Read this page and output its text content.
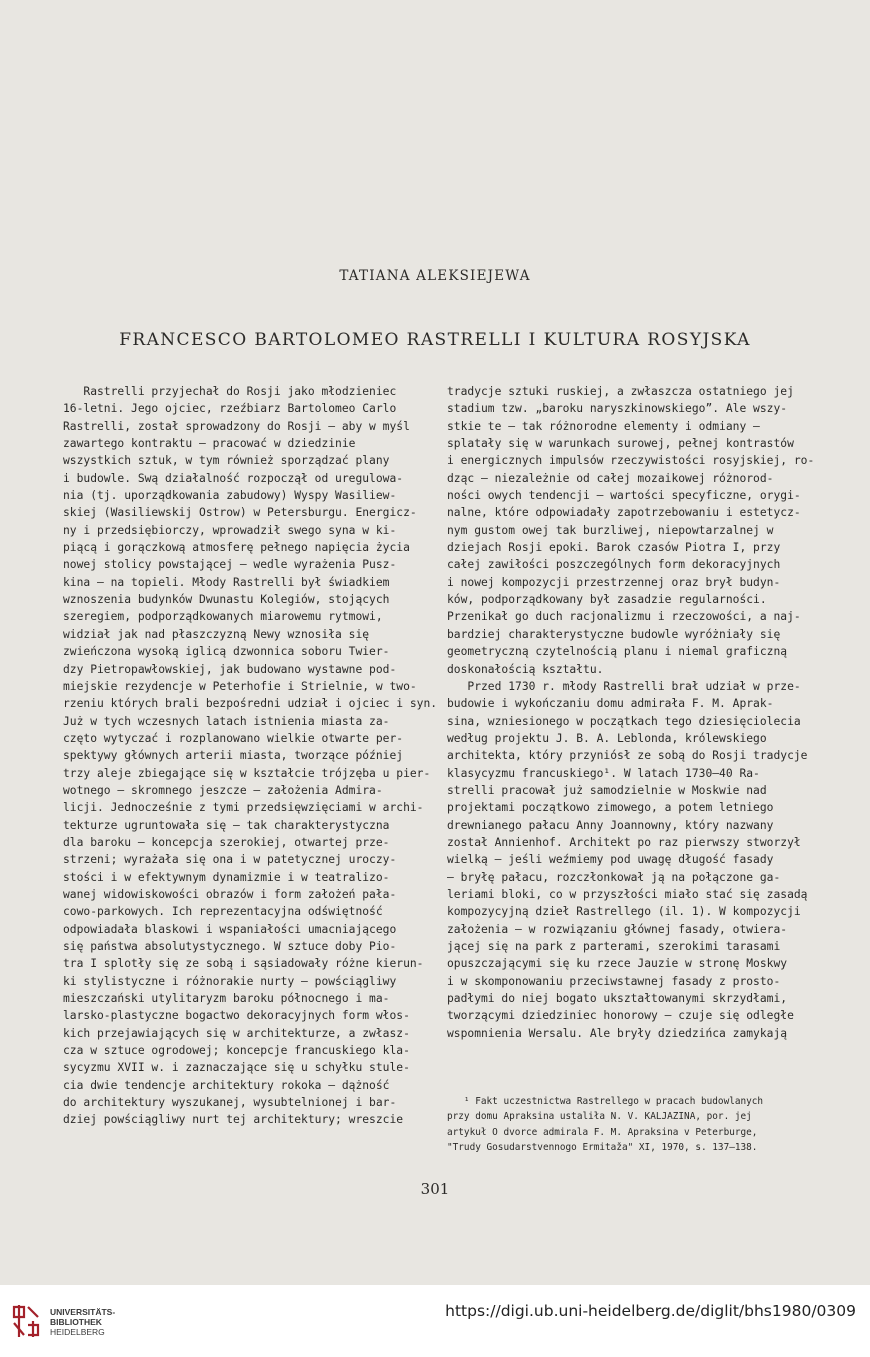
TATIANA ALEKSIEJEWA
FRANCESCO BARTOLOMEO RASTRELLI I KULTURA ROSYJSKA
Rastrelli przyjechał do Rosji jako młodzieniec
16-letni. Jego ojciec, rzeźbiarz Bartolomeo Carlo
Rastrelli, został sprowadzony do Rosji — aby w myśl
zawartego kontraktu — pracować w dziedzinie
wszystkich sztuk, w tym również sporządzać plany
i budowle. Swą działalność rozpoczął od uregulowa-
nia (tj. uporządkowania zabudowy) Wyspy Wasiliew-
skiej (Wasiliewskij Ostrow) w Petersburgu. Energicz-
ny i przedsiębiorczy, wprowadził swego syna w ki-
piącą i gorączkową atmosferę pełnego napięcia życia
nowej stolicy powstającej — wedle wyrażenia Pusz-
kina — na topieli. Młody Rastrelli był świadkiem
wznoszenia budynków Dwunastu Kolegiów, stojących
szeregiem, podporządkowanych miarowemu rytmowi,
widział jak nad płaszczyzną Newy wznosiła się
zwieńczona wysoką iglicą dzwonnica soboru Twier-
dzy Pietropawłowskiej, jak budowano wystawne pod-
miejskie rezydencje w Peterhofie i Strielnie, w two-
rzeniu których brali bezpośredni udział i ojciec i syn.
Już w tych wczesnych latach istnienia miasta za-
częto wytyczać i rozplanowano wielkie otwarte per-
spektywy głównych arterii miasta, tworzące później
trzy aleje zbiegające się w kształcie trójzęba u pier-
wotnego — skromnego jeszcze — założenia Admira-
licji. Jednocześnie z tymi przedsięwzięciami w archi-
tekturze ugruntowała się — tak charakterystyczna
dla baroku — koncepcja szerokiej, otwartej prze-
strzeni; wyrażała się ona i w patetycznej uroczy-
stości i w efektywnym dynamizmie i w teatralizo-
wanej widowiskowości obrazów i form założeń pała-
cowo-parkowych. Ich reprezentacyjna odświętność
odpowiadała blaskowi i wspaniałości umacniającego
się państwa absolutystycznego. W sztuce doby Pio-
tra I splotły się ze sobą i sąsiadowały różne kierun-
ki stylistyczne i różnorakie nurty — powściągliwy
mieszczański utylitaryzm baroku północnego i ma-
larsko-plastyczne bogactwo dekoracyjnych form włos-
kich przejawiających się w architekturze, a zwłasz-
cza w sztuce ogrodowej; koncepcje francuskiego kla-
sycyzmu XVII w. i zaznaczające się u schyłku stule-
cia dwie tendencje architektury rokoka — dążność
do architektury wyszukanej, wysubtelnionej i bar-
dziej powściągliwy nurt tej architektury; wreszcie
tradycje sztuki ruskiej, a zwłaszcza ostatniego jej
stadium tzw. „baroku naryszkinowskiego”. Ale wszy-
stkie te — tak różnorodne elementy i odmiany —
splatały się w warunkach surowej, pełnej kontrastów
i energicznych impulsów rzeczywistości rosyjskiej, ro-
dząc — niezależnie od całej mozaikowej różnorod-
ności owych tendencji — wartości specyficzne, orygi-
nalne, które odpowiadały zapotrzebowaniu i estetycz-
nym gustom owej tak burzliwej, niepowtarzalnej w
dziejach Rosji epoki. Barok czasów Piotra I, przy
całej zawiłości poszczególnych form dekoracyjnych
i nowej kompozycji przestrzennej oraz brył budyn-
ków, podporządkowany był zasadzie regularności.
Przenikał go duch racjonalizmu i rzeczowości, a naj-
bardziej charakterystyczne budowle wyróżniały się
geometryczną czytelnością planu i niemal graficzną
doskonałością kształtu.
Przed 1730 r. młody Rastrelli brał udział w prze-
budowie i wykończaniu domu admirała F. M. Aprak-
sina, wzniesionego w początkach tego dziesięciolecia
według projektu J. B. A. Leblonda, królewskiego
architekta, który przyniósł ze sobą do Rosji tradycje
klasycyzmu francuskiego¹. W latach 1730—40 Ra-
strelli pracował już samodzielnie w Moskwie nad
projektami początkowo zimowego, a potem letniego
drewnianego pałacu Anny Joannowny, który nazwany
został Annienhof. Architekt po raz pierwszy stworzył
wielką — jeśli weźmiemy pod uwagę długość fasady
— bryłę pałacu, rozczłonkował ją na połączone ga-
leriami bloki, co w przyszłości miało stać się zasadą
kompozycyjną dzieł Rastrellego (il. 1). W kompozycji
założenia — w rozwiązaniu głównej fasady, otwiera-
jącej się na park z parterami, szerokimi tarasami
opuszczającymi się ku rzece Jauzie w stronę Moskwy
i w skomponowaniu przeciwstawnej fasady z prosto-
padłymi do niej bogato ukształtowanymi skrzydłami,
tworzącymi dziedziniec honorowy — czuje się odległe
wspomnienia Wersalu. Ale bryły dziedzińca zamykają
¹ Fakt uczestnictwa Rastrellego w pracach budowlanych
przy domu Apraksina ustaliła N. V. KALJAZINA, por. jej
artykuł O dvorce admirala F. M. Apraksina v Peterburge,
"Trudy Gosudarstvennogo Ermitaža" XI, 1970, s. 137—138.
301
UNIVERSITÄTS-
BIBLIOTHEK
HEIDELBERG
https://digi.ub.uni-heidelberg.de/diglit/bhs1980/0309
